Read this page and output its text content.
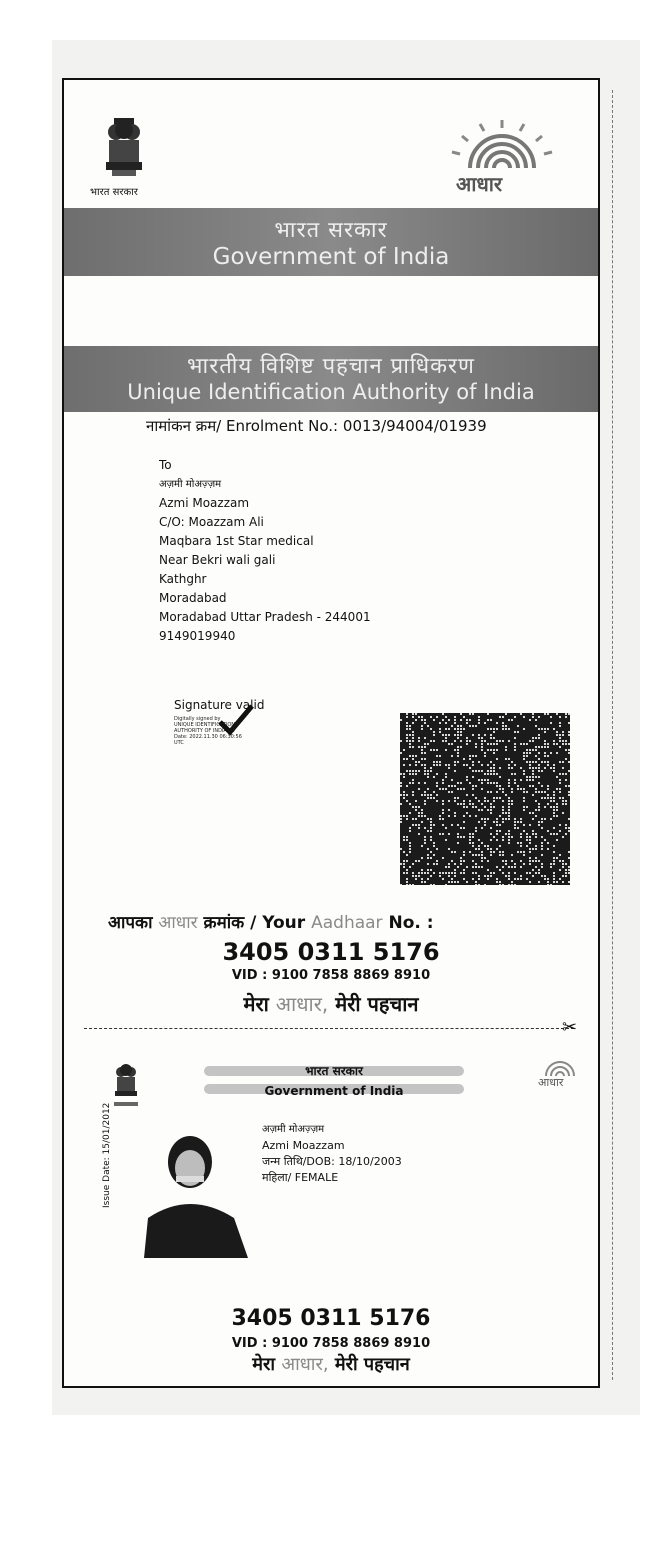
भारत सरकार	आधार
भारत सरकार
Government of India
भारतीय विशिष्ट पहचान प्राधिकरण
Unique Identification Authority of India
नामांकन क्रम/ Enrolment No.: 0013/94004/01939
To
अज़मी मोअज़्ज़म
Azmi Moazzam
C/O: Moazzam Ali
Maqbara 1st Star medical
Near Bekri wali gali
Kathghr
Moradabad
Moradabad Uttar Pradesh - 244001
9149019940
Signature valid
Digitally signed by
UNIQUE IDENTIFICATION
AUTHORITY OF INDIA 05
Date: 2022.11.30 06:30:56
UTC
आपका आधार क्रमांक / Your Aadhaar No. :
3405 0311 5176
VID : 9100 7858 8869 8910
मेरा आधार, मेरी पहचान
✂
भारत सरकार
Government of India
आधार
Issue Date: 15/01/2012	अज़मी मोअज़्ज़म
Azmi Moazzam
जन्म तिथि/DOB: 18/10/2003
महिला/ FEMALE
3405 0311 5176
VID : 9100 7858 8869 8910
मेरा आधार, मेरी पहचान
